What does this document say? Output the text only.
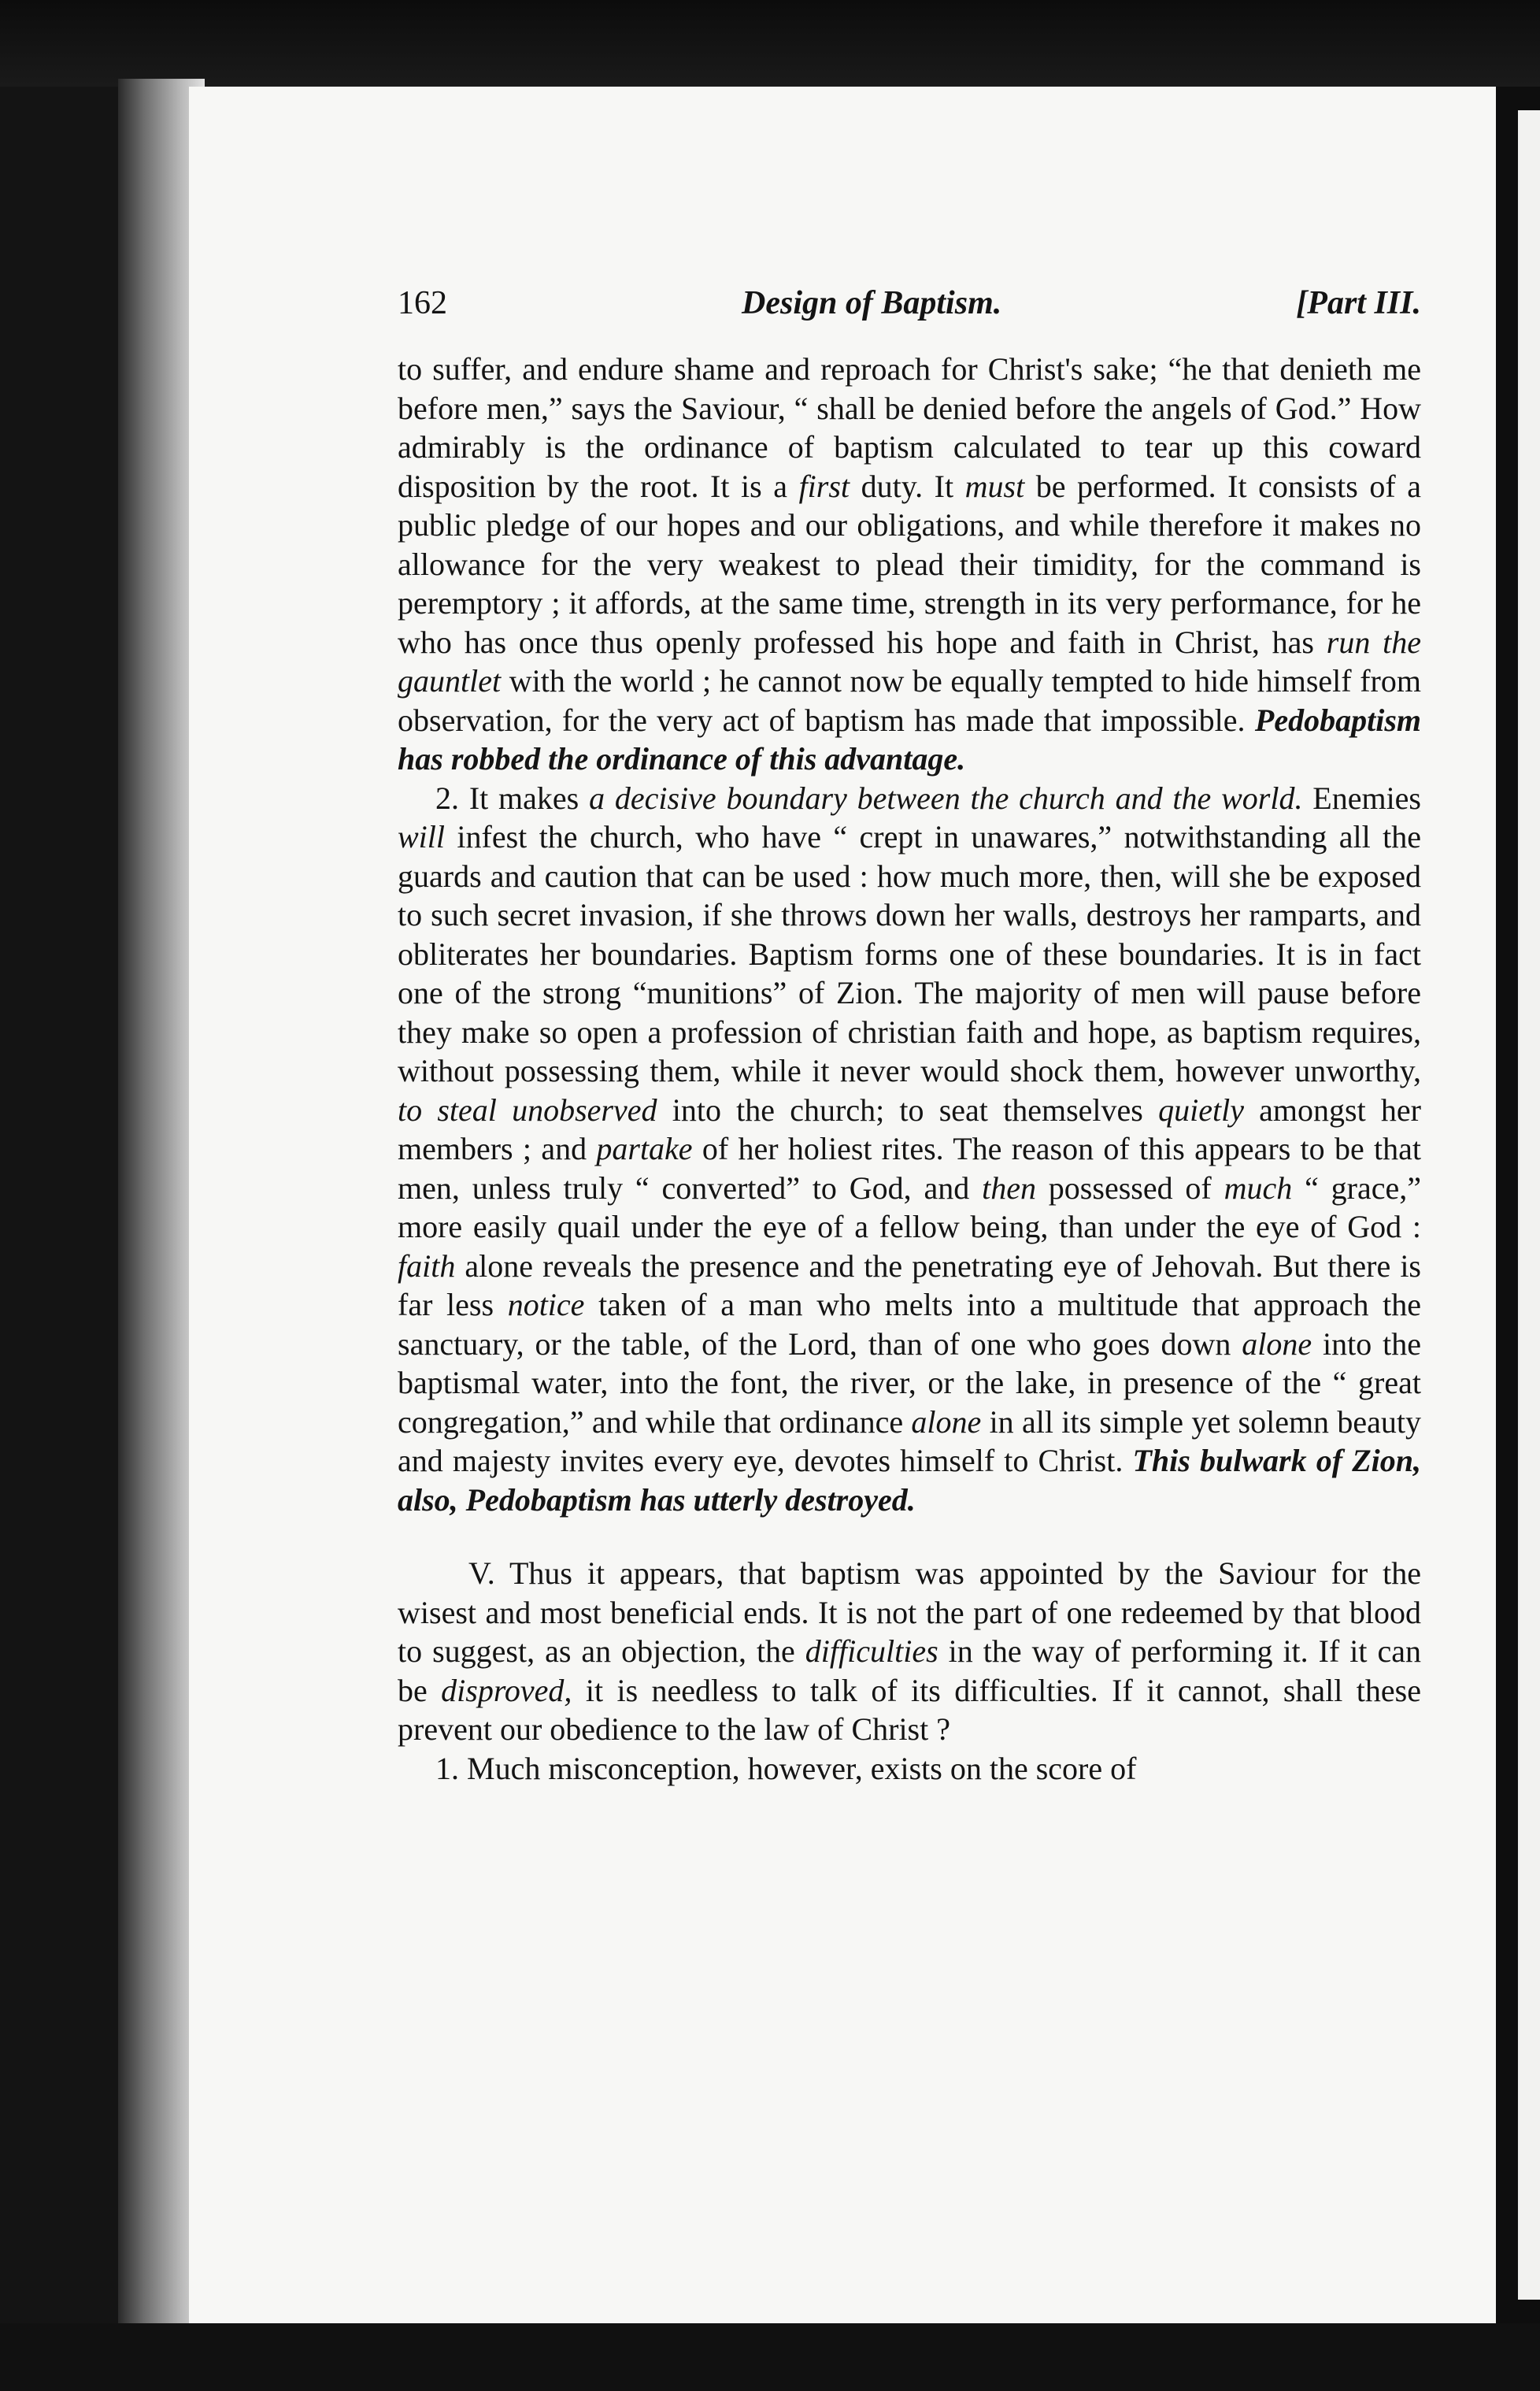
162	Design of Baptism.	[Part III.

to suffer, and endure shame and reproach for Christ's sake; “he that denieth me before men,” says the Saviour, “ shall be denied before the angels of God.” How admirably is the ordinance of baptism calculated to tear up this coward disposition by the root. It is a first duty. It must be performed. It consists of a public pledge of our hopes and our obligations, and while therefore it makes no allowance for the very weakest to plead their timidity, for the command is peremptory ; it affords, at the same time, strength in its very performance, for he who has once thus openly professed his hope and faith in Christ, has run the gauntlet with the world ; he cannot now be equally tempted to hide himself from observation, for the very act of baptism has made that impossible. Pedobaptism has robbed the ordinance of this advantage.

2. It makes a decisive boundary between the church and the world. Enemies will infest the church, who have “ crept in unawares,” notwithstanding all the guards and caution that can be used : how much more, then, will she be exposed to such secret invasion, if she throws down her walls, destroys her ramparts, and obliterates her boundaries. Baptism forms one of these boundaries. It is in fact one of the strong “munitions” of Zion. The majority of men will pause before they make so open a profession of christian faith and hope, as baptism requires, without possessing them, while it never would shock them, however unworthy, to steal unobserved into the church; to seat themselves quietly amongst her members ; and partake of her holiest rites. The reason of this appears to be that men, unless truly “ converted” to God, and then possessed of much “ grace,” more easily quail under the eye of a fellow being, than under the eye of God : faith alone reveals the presence and the penetrating eye of Jehovah. But there is far less notice taken of a man who melts into a multitude that approach the sanctuary, or the table, of the Lord, than of one who goes down alone into the baptismal water, into the font, the river, or the lake, in presence of the “ great congregation,” and while that ordinance alone in all its simple yet solemn beauty and majesty invites every eye, devotes himself to Christ. This bulwark of Zion, also, Pedobaptism has utterly destroyed.

V. Thus it appears, that baptism was appointed by the Saviour for the wisest and most beneficial ends. It is not the part of one redeemed by that blood to suggest, as an objection, the difficulties in the way of performing it. If it can be disproved, it is needless to talk of its difficulties. If it cannot, shall these prevent our obedience to the law of Christ ?

1. Much misconception, however, exists on the score of
